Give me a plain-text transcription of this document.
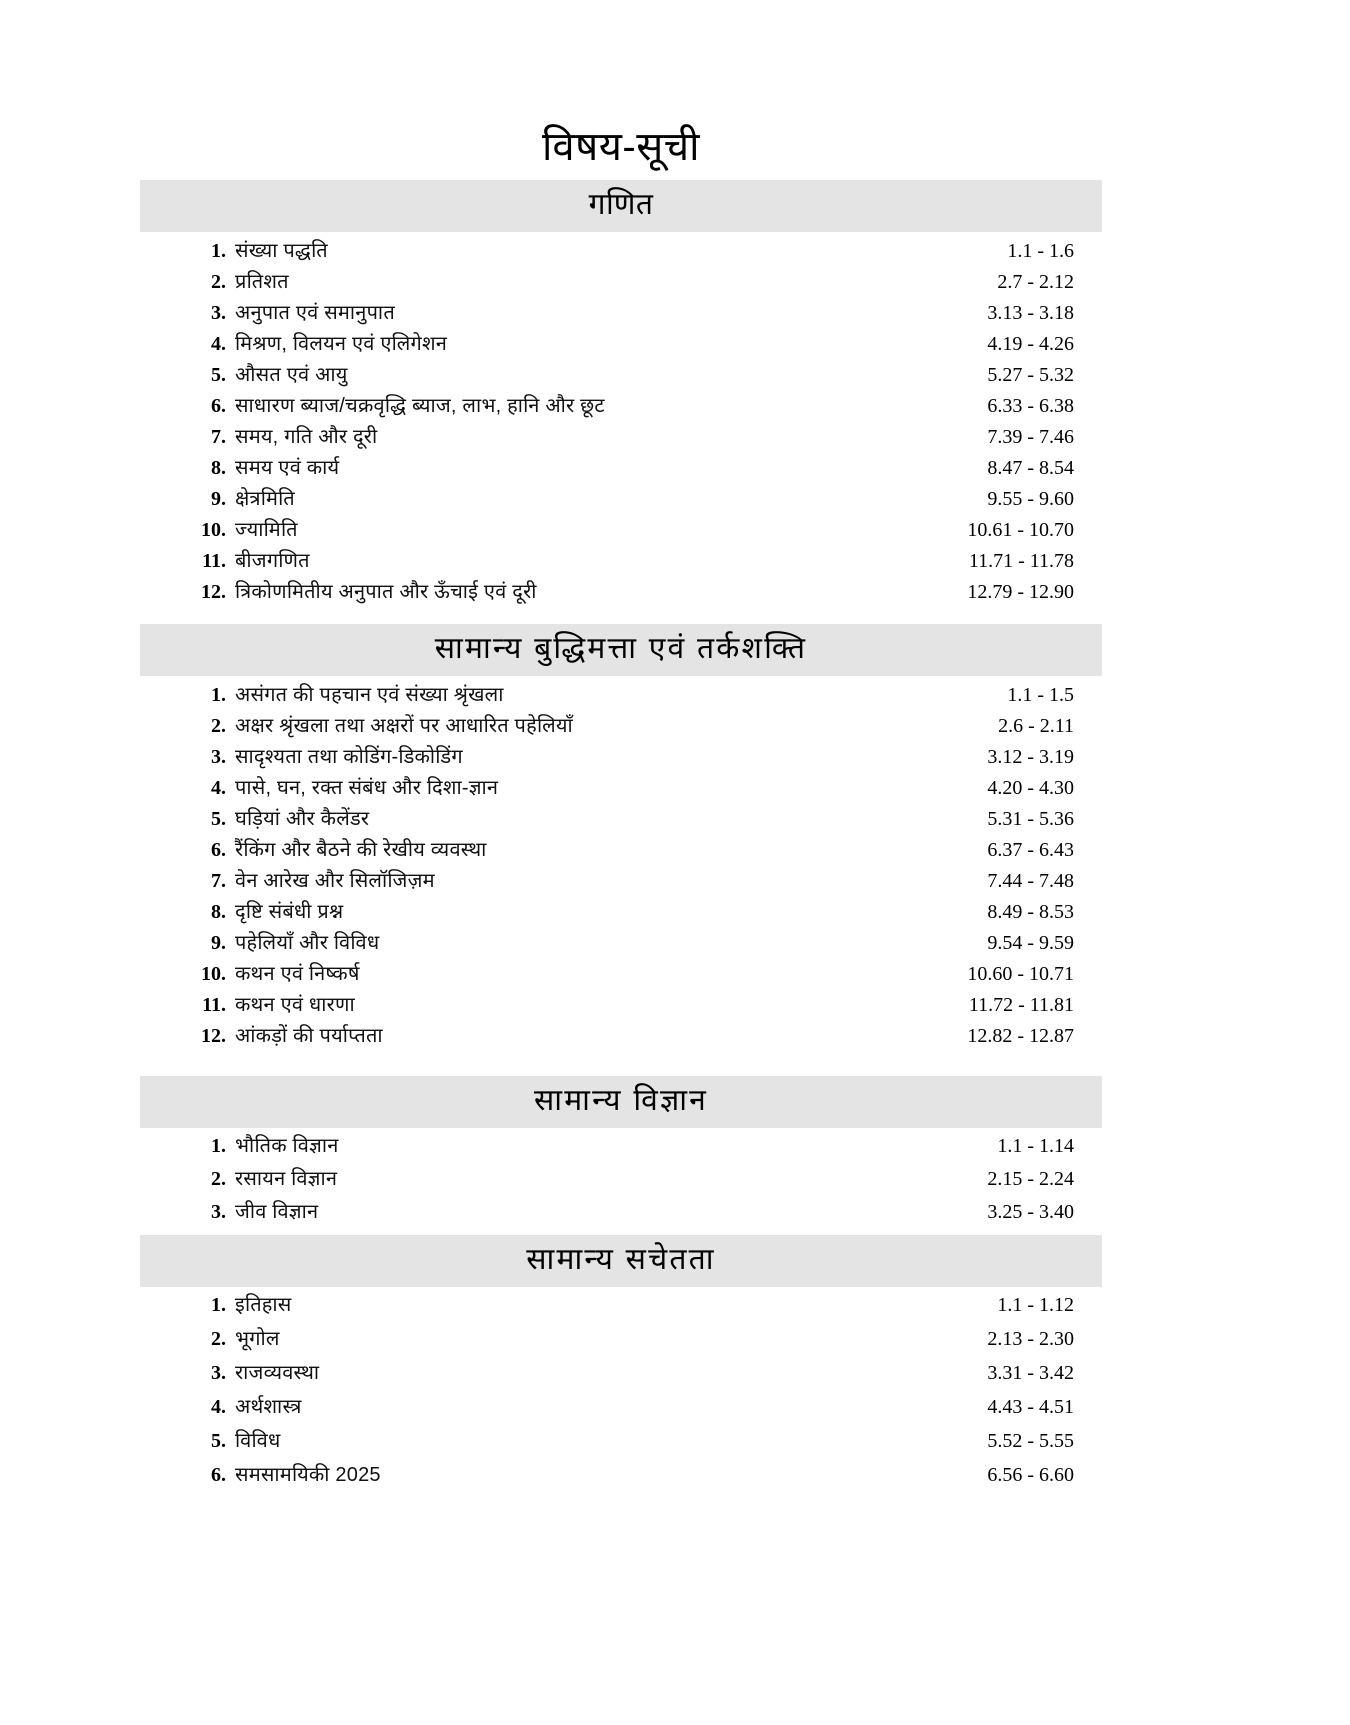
विषय-सूची
गणित
1. संख्या पद्धति	1.1 - 1.6
2. प्रतिशत	2.7 - 2.12
3. अनुपात एवं समानुपात	3.13 - 3.18
4. मिश्रण, विलयन एवं एलिगेशन	4.19 - 4.26
5. औसत एवं आयु	5.27 - 5.32
6. साधारण ब्याज/चक्रवृद्धि ब्याज, लाभ, हानि और छूट	6.33 - 6.38
7. समय, गति और दूरी	7.39 - 7.46
8. समय एवं कार्य	8.47 - 8.54
9. क्षेत्रमिति	9.55 - 9.60
10. ज्यामिति	10.61 - 10.70
11. बीजगणित	11.71 - 11.78
12. त्रिकोणमितीय अनुपात और ऊँचाई एवं दूरी	12.79 - 12.90
सामान्य बुद्धिमत्ता एवं तर्कशक्ति
1. असंगत की पहचान एवं संख्या श्रृंखला	1.1 - 1.5
2. अक्षर श्रृंखला तथा अक्षरों पर आधारित पहेलियाँ	2.6 - 2.11
3. सादृश्यता तथा कोडिंग-डिकोडिंग	3.12 - 3.19
4. पासे, घन, रक्त संबंध और दिशा-ज्ञान	4.20 - 4.30
5. घड़ियां और कैलेंडर	5.31 - 5.36
6. रैंकिंग और बैठने की रेखीय व्यवस्था	6.37 - 6.43
7. वेन आरेख और सिलॉजिज़म	7.44 - 7.48
8. दृष्टि संबंधी प्रश्न	8.49 - 8.53
9. पहेलियाँ और विविध	9.54 - 9.59
10. कथन एवं निष्कर्ष	10.60 - 10.71
11. कथन एवं धारणा	11.72 - 11.81
12. आंकड़ों की पर्याप्तता	12.82 - 12.87
सामान्य विज्ञान
1. भौतिक विज्ञान	1.1 - 1.14
2. रसायन विज्ञान	2.15 - 2.24
3. जीव विज्ञान	3.25 - 3.40
सामान्य सचेतता
1. इतिहास	1.1 - 1.12
2. भूगोल	2.13 - 2.30
3. राजव्यवस्था	3.31 - 3.42
4. अर्थशास्त्र	4.43 - 4.51
5. विविध	5.52 - 5.55
6. समसामयिकी 2025	6.56 - 6.60
